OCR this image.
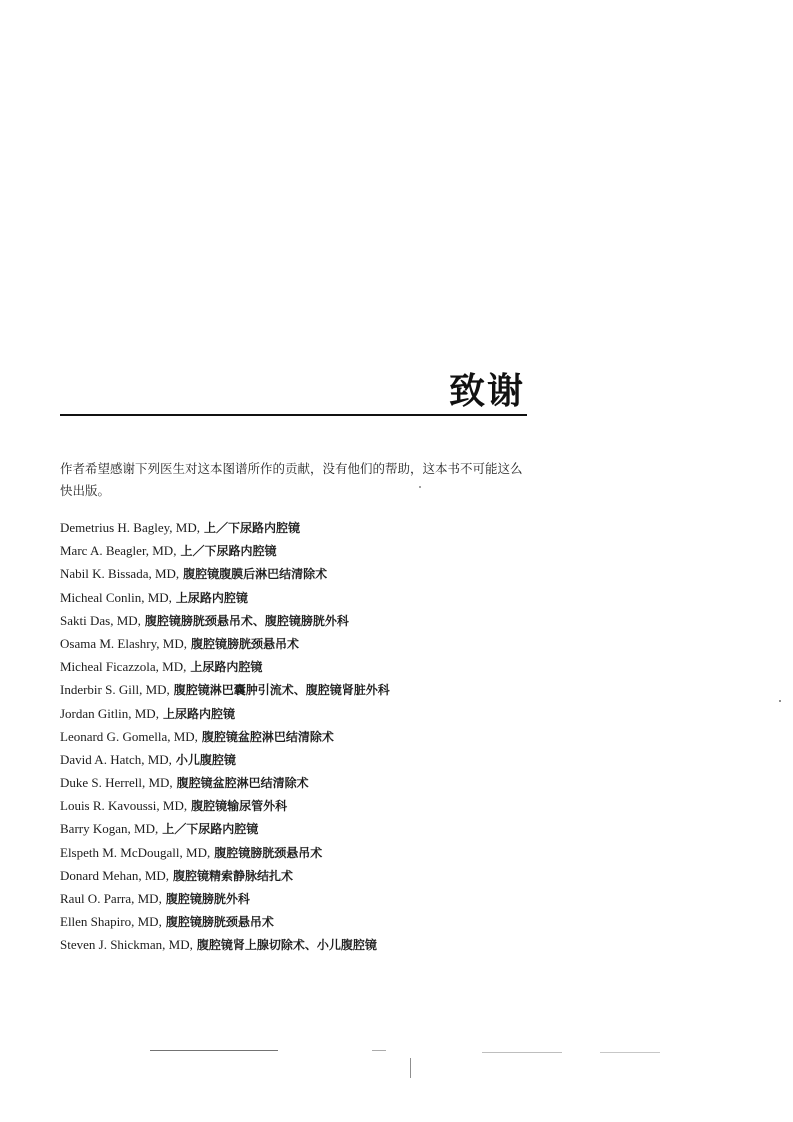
致谢

作者希望感谢下列医生对这本图谱所作的贡献，没有他们的帮助，这本书不可能这么快出版。

Demetrius H. Bagley, MD, 上／下尿路内腔镜
Marc A. Beagler, MD, 上／下尿路内腔镜
Nabil K. Bissada, MD, 腹腔镜腹膜后淋巴结清除术
Micheal Conlin, MD, 上尿路内腔镜
Sakti Das, MD, 腹腔镜膀胱颈悬吊术、腹腔镜膀胱外科
Osama M. Elashry, MD, 腹腔镜膀胱颈悬吊术
Micheal Ficazzola, MD, 上尿路内腔镜
Inderbir S. Gill, MD, 腹腔镜淋巴囊肿引流术、腹腔镜肾脏外科
Jordan Gitlin, MD, 上尿路内腔镜
Leonard G. Gomella, MD, 腹腔镜盆腔淋巴结清除术
David A. Hatch, MD, 小儿腹腔镜
Duke S. Herrell, MD, 腹腔镜盆腔淋巴结清除术
Louis R. Kavoussi, MD, 腹腔镜输尿管外科
Barry Kogan, MD, 上／下尿路内腔镜
Elspeth M. McDougall, MD, 腹腔镜膀胱颈悬吊术
Donard Mehan, MD, 腹腔镜精索静脉结扎术
Raul O. Parra, MD, 腹腔镜膀胱外科
Ellen Shapiro, MD, 腹腔镜膀胱颈悬吊术
Steven J. Shickman, MD, 腹腔镜肾上腺切除术、小儿腹腔镜
